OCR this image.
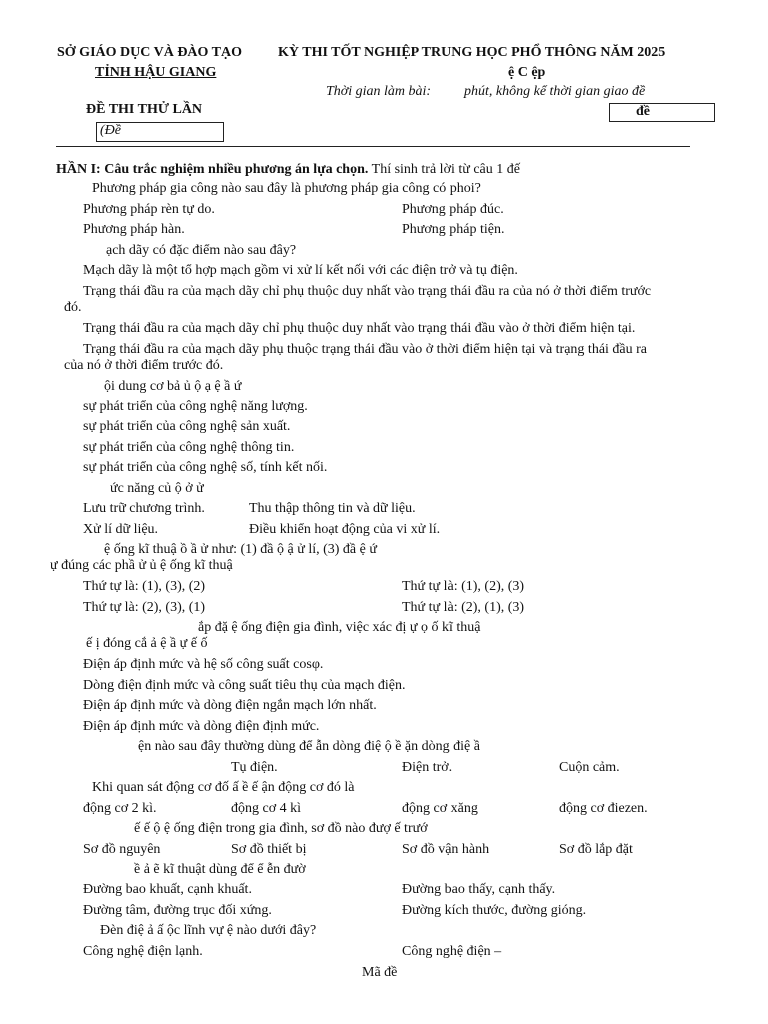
SỞ GIÁO DỤC VÀ ĐÀO TẠO
TỈNH HẬU GIANG
KỲ THI TỐT NGHIỆP TRUNG HỌC PHỔ THÔNG NĂM 2025
ệ C ệp
Thời gian làm bài: phút, không kể thời gian giao đề
ĐỀ THI THỬ LẦN
(Đề
đề
HẦN I: Câu trắc nghiệm nhiều phương án lựa chọn. Thí sinh trả lời từ câu 1 đế
Phương pháp gia công nào sau đây là phương pháp gia công có phoi?
Phương pháp rèn tự do.	Phương pháp đúc.
Phương pháp hàn.	Phương pháp tiện.
ạch dãy có đặc điểm nào sau đây?
Mạch dãy là một tổ hợp mạch gồm vi xử lí kết nối với các điện trở và tụ điện.
Trạng thái đầu ra của mạch dãy chỉ phụ thuộc duy nhất vào trạng thái đầu ra của nó ở thời điểm trước
đó.
Trạng thái đầu ra của mạch dãy chỉ phụ thuộc duy nhất vào trạng thái đầu vào ở thời điểm hiện tại.
Trạng thái đầu ra của mạch dãy phụ thuộc trạng thái đầu vào ở thời điểm hiện tại và trạng thái đầu ra
của nó ở thời điểm trước đó.
ội dung cơ bả ủ ộ ạ ệ ầ ứ
sự phát triển của công nghệ năng lượng.
sự phát triển của công nghệ sản xuất.
sự phát triển của công nghệ thông tin.
sự phát triển của công nghệ số, tính kết nối.
ức năng củ ộ ở ử
Lưu trữ chương trình.	Thu thập thông tin và dữ liệu.
Xử lí dữ liệu.	Điều khiển hoạt động của vi xử lí.
ệ ống kĩ thuậ ồ ầ ử như: (1) đầ ộ ậ ử lí, (3) đầ ệ ứ
ự đúng các phầ ử ủ ệ ống kĩ thuậ
Thứ tự là: (1), (3), (2)	Thứ tự là: (1), (2), (3)
Thứ tự là: (2), (3), (1)	Thứ tự là: (2), (1), (3)
ắp đặ ệ ống điện gia đình, việc xác đị ự ọ ố kĩ thuậ
ế ị đóng cắ ả ệ ầ ự ế ố
Điện áp định mức và hệ số công suất cosφ.
Dòng điện định mức và công suất tiêu thụ của mạch điện.
Điện áp định mức và dòng điện ngắn mạch lớn nhất.
Điện áp định mức và dòng điện định mức.
ện nào sau đây thường dùng để ẫn dòng điệ ộ ề ặn dòng điệ ầ
Tụ điện.	Điện trở.	Cuộn cảm.
Khi quan sát động cơ đố ấ ề ế ận động cơ đó là
động cơ 2 kì.	động cơ 4 kì	động cơ xăng	động cơ điezen.
ế ế ộ ệ ống điện trong gia đình, sơ đồ nào đượ ế trướ
Sơ đồ nguyên	Sơ đồ thiết bị	Sơ đồ vận hành	Sơ đồ lắp đặt
ề ả ẽ kĩ thuật dùng để ể ễn đườ
Đường bao khuất, cạnh khuất.	Đường bao thấy, cạnh thấy.
Đường tâm, đường trục đối xứng.	Đường kích thước, đường gióng.
Đèn điệ ả ấ ộc lĩnh vự ệ nào dưới đây?
Công nghệ điện lạnh.	Công nghệ điện –
Mã đề
